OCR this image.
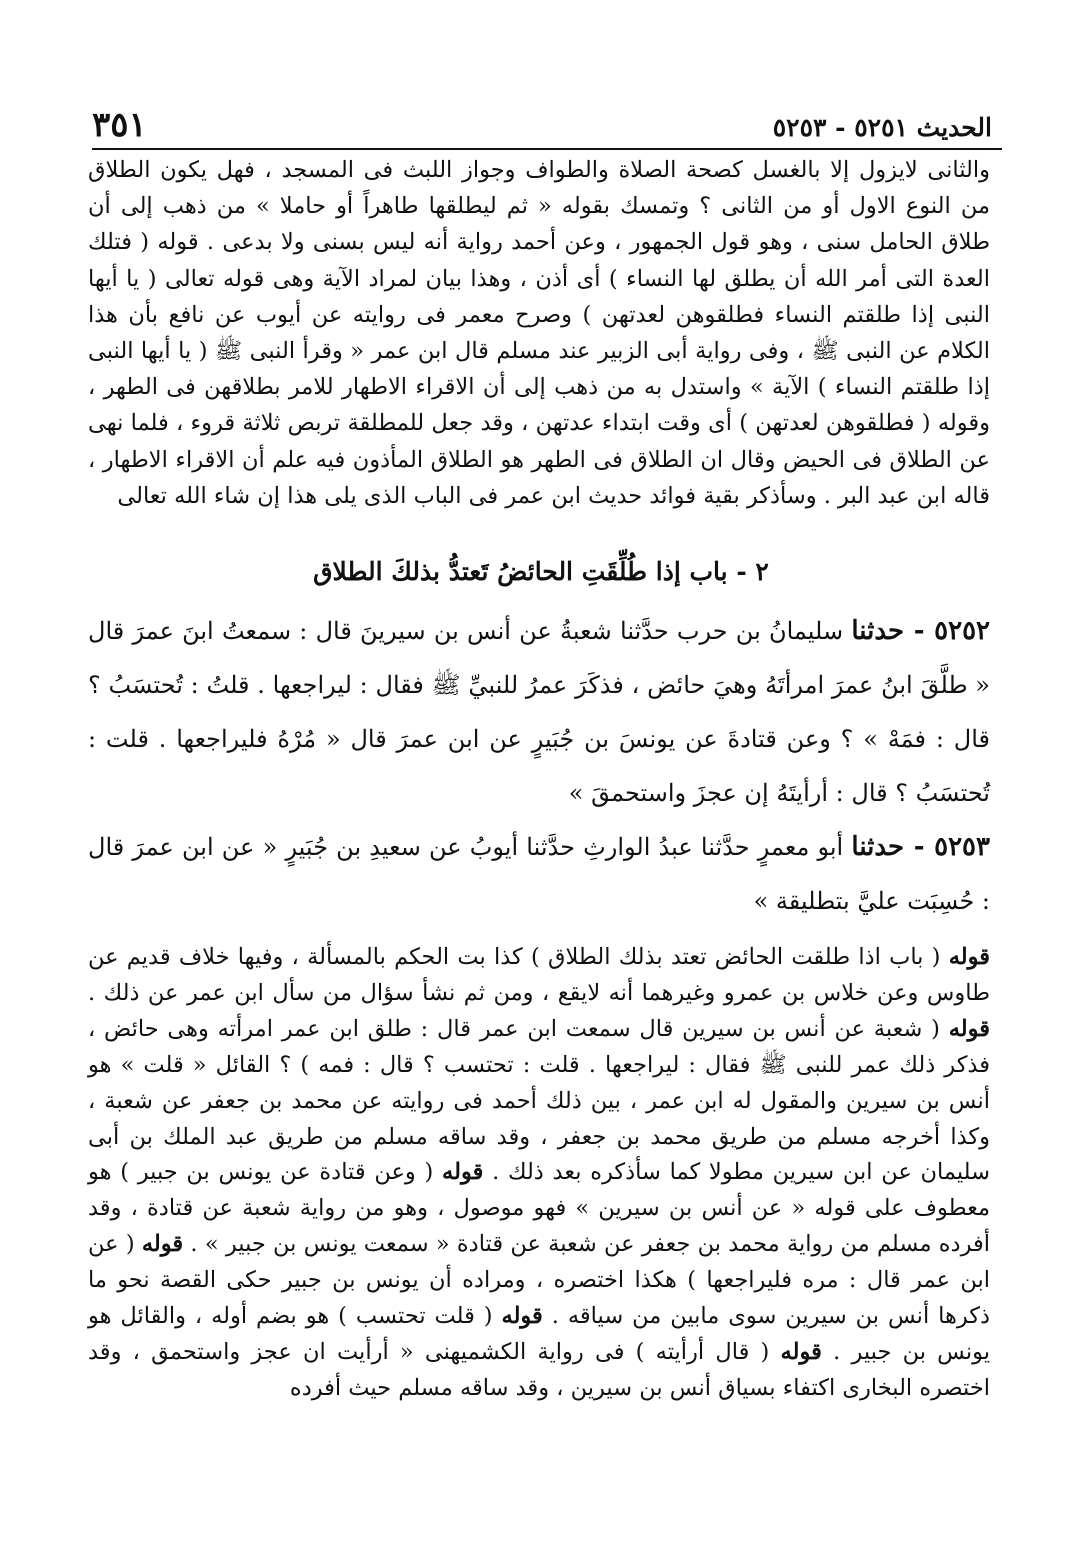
الحديث ٥٢٥١ - ٥٢٥٣
٣٥١
والثانى لايزول إلا بالغسل كصحة الصلاة والطواف وجواز اللبث فى المسجد ، فهل يكون الطلاق من النوع الاول أو من الثانى ؟ وتمسك بقوله « ثم ليطلقها طاهراً أو حاملا » من ذهب إلى أن طلاق الحامل سنى ، وهو قول الجمهور ، وعن أحمد رواية أنه ليس بسنى ولا بدعى . قوله ( فتلك العدة التى أمر الله أن يطلق لها النساء ) أى أذن ، وهذا بيان لمراد الآية وهى قوله تعالى ( يا أيها النبى إذا طلقتم النساء فطلقوهن لعدتهن ) وصرح معمر فى روايته عن أيوب عن نافع بأن هذا الكلام عن النبى ﷺ ، وفى رواية أبى الزبير عند مسلم قال ابن عمر « وقرأ النبى ﷺ ( يا أيها النبى إذا طلقتم النساء ) الآية » واستدل به من ذهب إلى أن الاقراء الاطهار للامر بطلاقهن فى الطهر ، وقوله ( فطلقوهن لعدتهن ) أى وقت ابتداء عدتهن ، وقد جعل للمطلقة تربص ثلاثة قروء ، فلما نهى عن الطلاق فى الحيض وقال ان الطلاق فى الطهر هو الطلاق المأذون فيه علم أن الاقراء الاطهار ، قاله ابن عبد البر . وسأذكر بقية فوائد حديث ابن عمر فى الباب الذى يلى هذا إن شاء الله تعالى
٢ - باب إذا طُلِّقَتِ الحائضُ تَعتدُّ بذلكَ الطلاق
٥٢٥٢ - حدثنا سليمانُ بن حرب حدَّثنا شعبةُ عن أنس بن سيرينَ قال : سمعتُ ابنَ عمرَ قال « طلَّقَ ابنُ عمرَ امرأتَهُ وهيَ حائض ، فذكَرَ عمرُ للنبيِّ ﷺ فقال : ليراجعها . قلتُ : تُحتسَبُ ؟ قال : فمَهْ » ؟ وعن قتادةَ عن يونسَ بن جُبَيرٍ عن ابن عمرَ قال « مُرْهُ فليراجعها . قلت : تُحتسَبُ ؟ قال : أرأيتَهُ إن عجزَ واستحمقَ »
٥٢٥٣ - حدثنا أبو معمرٍ حدَّثنا عبدُ الوارثِ حدَّثنا أيوبُ عن سعيدِ بن جُبَيرٍ « عن ابن عمرَ قال : حُسِبَت عليَّ بتطليقة »
قوله ( باب اذا طلقت الحائض تعتد بذلك الطلاق ) كذا بت الحكم بالمسألة ، وفيها خلاف قديم عن طاوس وعن خلاس بن عمرو وغيرهما أنه لايقع ، ومن ثم نشأ سؤال من سأل ابن عمر عن ذلك . قوله ( شعبة عن أنس بن سيرين قال سمعت ابن عمر قال : طلق ابن عمر امرأته وهى حائض ، فذكر ذلك عمر للنبى ﷺ فقال : ليراجعها . قلت : تحتسب ؟ قال : فمه ) ؟ القائل « قلت » هو أنس بن سيرين والمقول له ابن عمر ، بين ذلك أحمد فى روايته عن محمد بن جعفر عن شعبة ، وكذا أخرجه مسلم من طريق محمد بن جعفر ، وقد ساقه مسلم من طريق عبد الملك بن أبى سليمان عن ابن سيرين مطولا كما سأذكره بعد ذلك . قوله ( وعن قتادة عن يونس بن جبير ) هو معطوف على قوله « عن أنس بن سيرين » فهو موصول ، وهو من رواية شعبة عن قتادة ، وقد أفرده مسلم من رواية محمد بن جعفر عن شعبة عن قتادة « سمعت يونس بن جبير » . قوله ( عن ابن عمر قال : مره فليراجعها ) هكذا اختصره ، ومراده أن يونس بن جبير حكى القصة نحو ما ذكرها أنس بن سيرين سوى مابين من سياقه . قوله ( قلت تحتسب ) هو بضم أوله ، والقائل هو يونس بن جبير . قوله ( قال أرأيته ) فى رواية الكشميهنى « أرأيت ان عجز واستحمق ، وقد اختصره البخارى اكتفاء بسياق أنس بن سيرين ، وقد ساقه مسلم حيث أفرده
